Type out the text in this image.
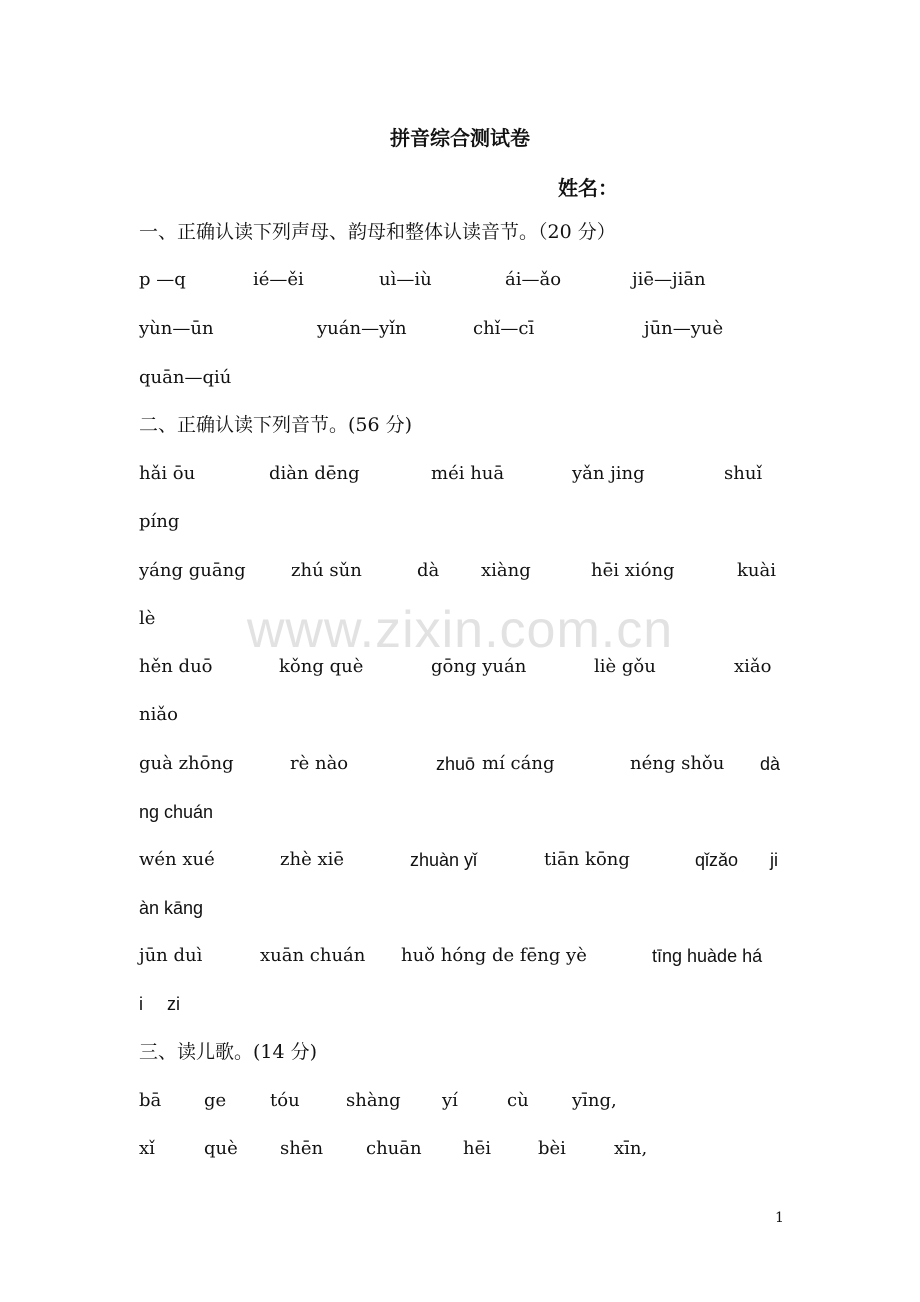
拼音综合测试卷
姓名：
一、正确认读下列声母、韵母和整体认读音节。（20 分）
p —q	ié—ěi	uì—iù	ái—ǎo	jiē—jiān
yùn—ūn	yuán—yǐn	chǐ—cī	jūn—yuè
quān—qiú
二、正确认读下列音节。(56 分)
hǎi ōu	diàn dēng	méi huā	yǎn jing	shuǐ
píng
yáng guāng	zhú sǔn	dà xiàng	hēi xióng	kuài
lè
hěn duō	kǒng què	gōng yuán	liè gǒu	xiǎo
niǎo
guà zhōng	rè nào	zhuō mí cáng	néng shǒu dà
ng chuán
wén xué	zhè xiē	zhuàn yǐ	tiān kōng	qǐzǎo ji
àn kāng
jūn duì	xuān chuán huǒ hóng de fēng yè	tīng huàde há
i zi
三、读儿歌。(14 分)
bā ge tóu	shàng yí	cù yīng,
xǐ	què shēn chuān hēi	bèi	xīn,
www.zixin.com.cn
1
